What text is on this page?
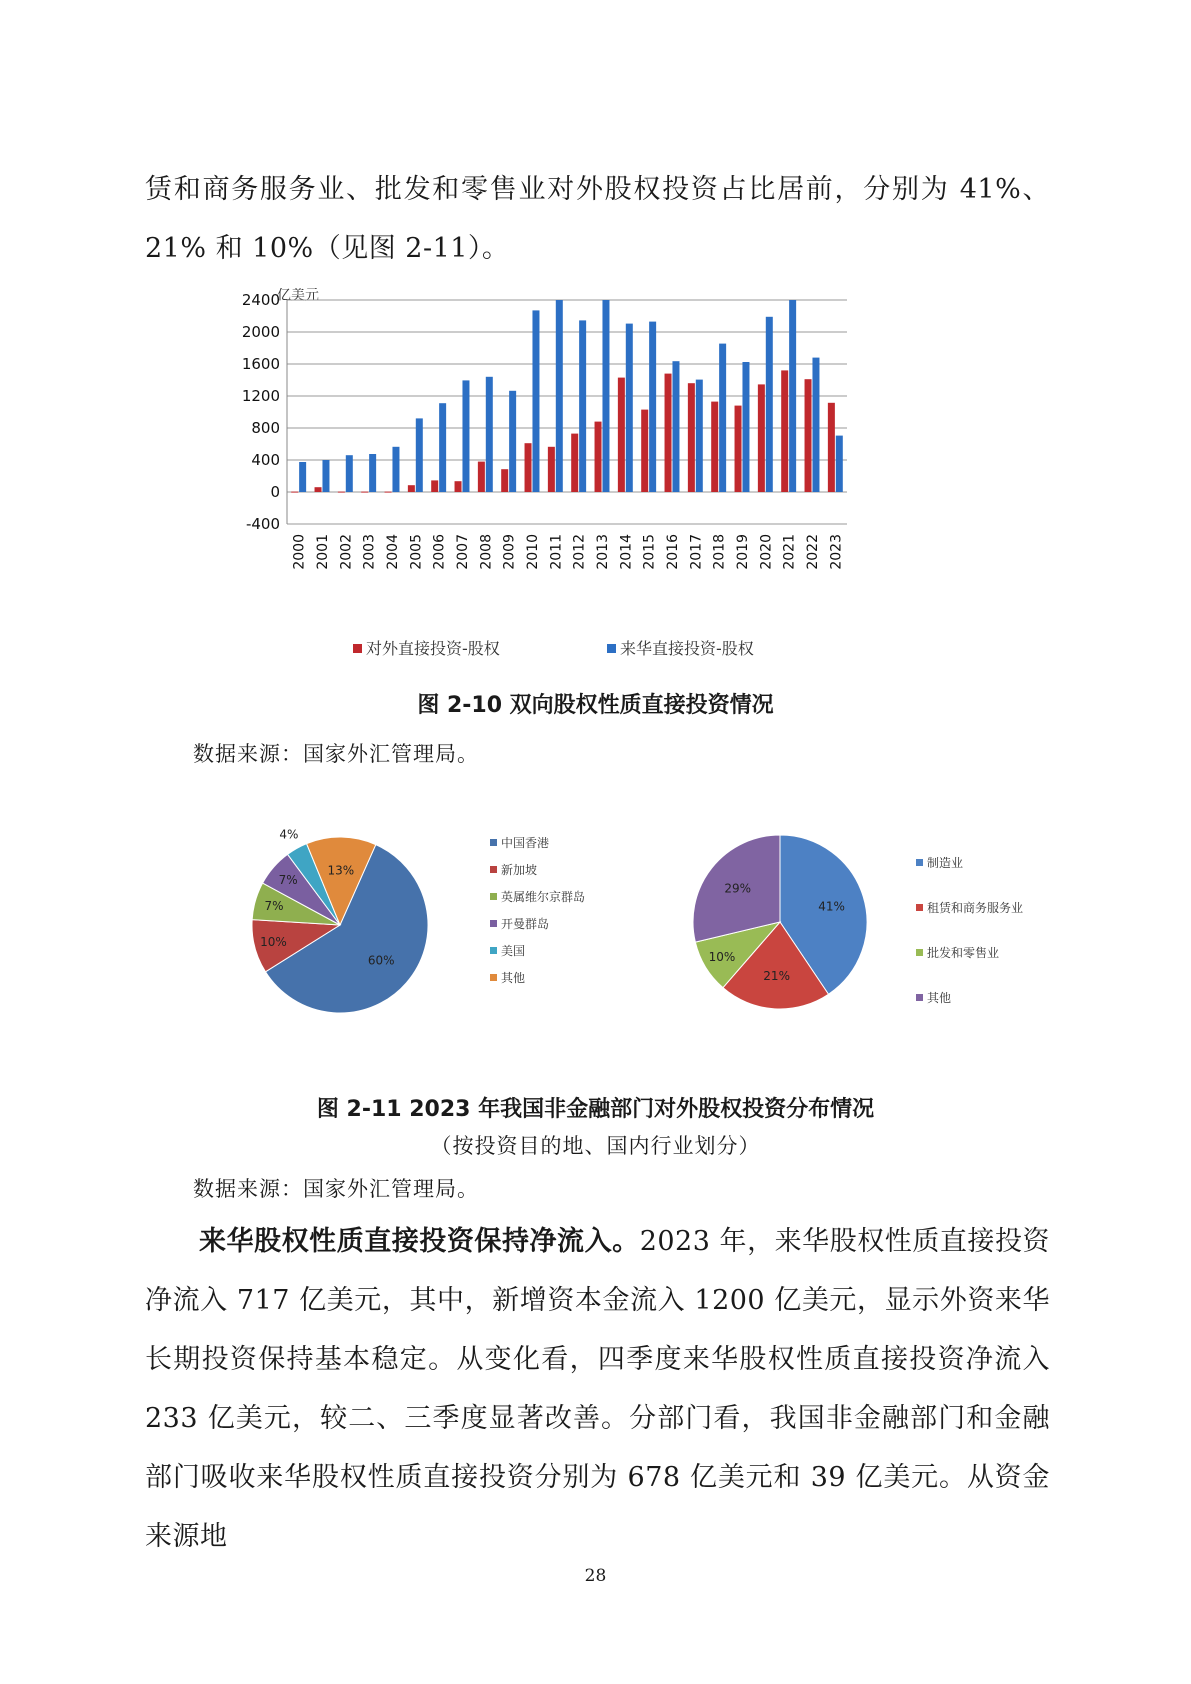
赁和商务服务业、批发和零售业对外股权投资占比居前，分别为 41%、21% 和 10%（见图 2-11）。

亿美元
-400
0
400
800
1200
1600
2000
2400
2000 2001 2002 2003 2004 2005 2006 2007 2008 2009 2010 2011 2012 2013 2014 2015 2016 2017 2018 2019 2020 2021 2022 2023
对外直接投资-股权	来华直接投资-股权

图 2-10 双向股权性质直接投资情况

数据来源：国家外汇管理局。

60%
10%
7%
7%
4%
13%
中国香港
新加坡
英属维尔京群岛
开曼群岛
美国
其他
41%
21%
10%
29%
制造业
租赁和商务服务业
批发和零售业
其他

图 2-11 2023 年我国非金融部门对外股权投资分布情况

（按投资目的地、国内行业划分）

数据来源：国家外汇管理局。

来华股权性质直接投资保持净流入。2023 年，来华股权性质直接投资净流入 717 亿美元，其中，新增资本金流入 1200 亿美元，显示外资来华长期投资保持基本稳定。从变化看，四季度来华股权性质直接投资净流入 233 亿美元，较二、三季度显著改善。分部门看，我国非金融部门和金融部门吸收来华股权性质直接投资分别为 678 亿美元和 39 亿美元。从资金来源地

28
